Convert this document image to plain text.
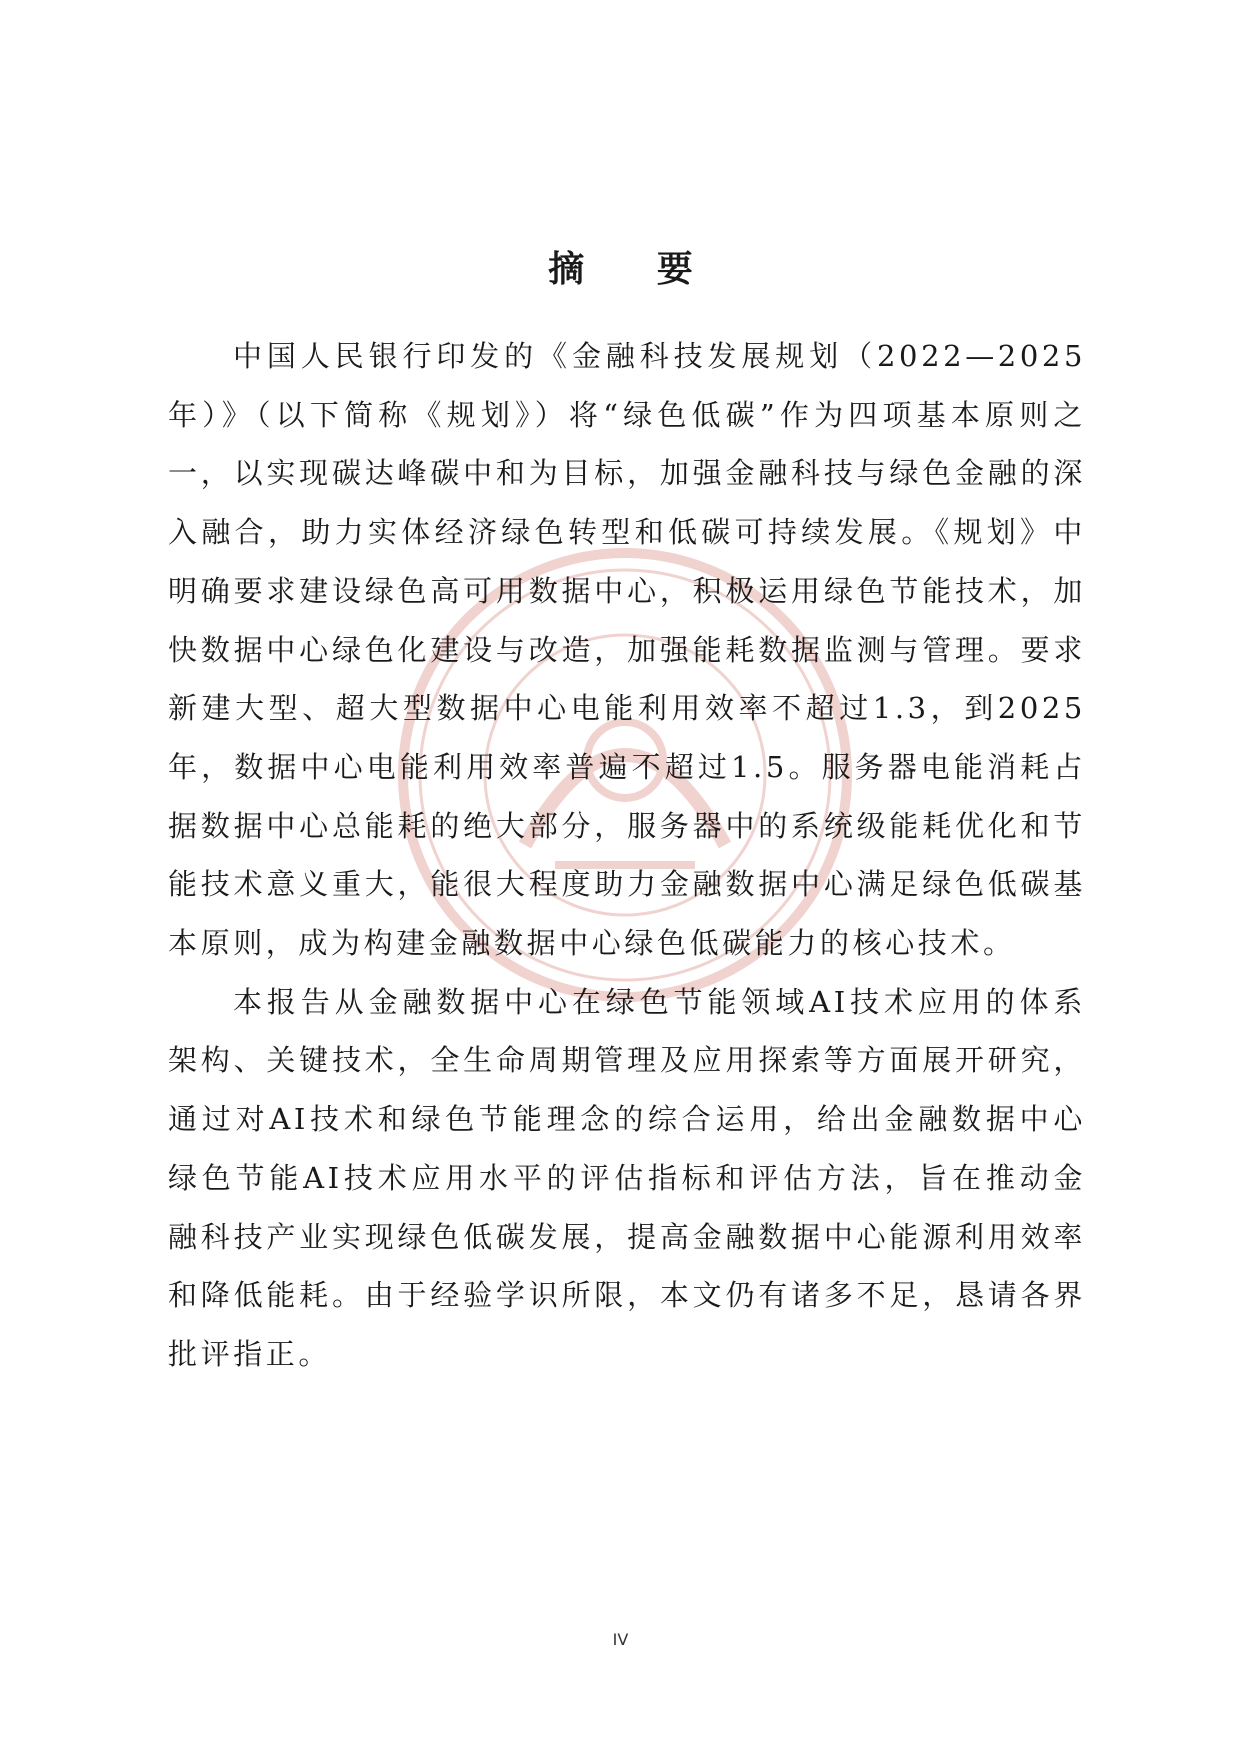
摘 要

中国人民银行印发的《金融科技发展规划（2022—2025年）》（以下简称《规划》）将“绿色低碳”作为四项基本原则之一，以实现碳达峰碳中和为目标，加强金融科技与绿色金融的深入融合，助力实体经济绿色转型和低碳可持续发展。《规划》中明确要求建设绿色高可用数据中心，积极运用绿色节能技术，加快数据中心绿色化建设与改造，加强能耗数据监测与管理。要求新建大型、超大型数据中心电能利用效率不超过1.3，到2025年，数据中心电能利用效率普遍不超过1.5。服务器电能消耗占据数据中心总能耗的绝大部分，服务器中的系统级能耗优化和节能技术意义重大，能很大程度助力金融数据中心满足绿色低碳基本原则，成为构建金融数据中心绿色低碳能力的核心技术。

本报告从金融数据中心在绿色节能领域AI技术应用的体系架构、关键技术，全生命周期管理及应用探索等方面展开研究，通过对AI技术和绿色节能理念的综合运用，给出金融数据中心绿色节能AI技术应用水平的评估指标和评估方法，旨在推动金融科技产业实现绿色低碳发展，提高金融数据中心能源利用效率和降低能耗。由于经验学识所限，本文仍有诸多不足，恳请各界批评指正。

IV
